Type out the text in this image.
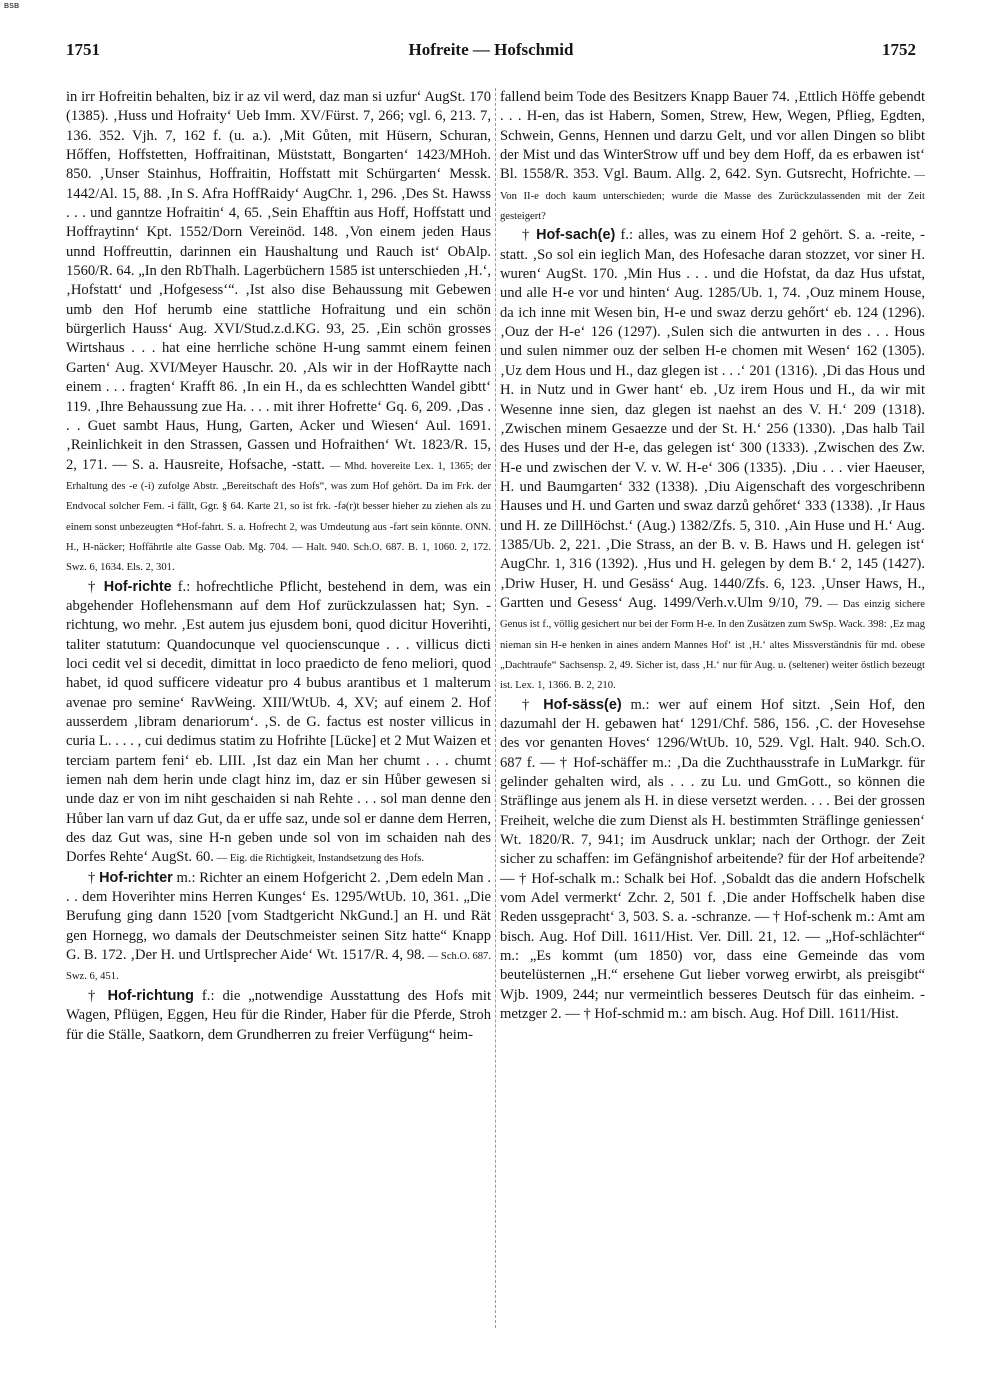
BSB
1751	Hofreite — Hofschmid	1752

in irr Hofreitin behalten, biz ir az vil werd, daz man si uzfur‘ AugSt. 170 (1385). ‚Huss und Hofraity‘ Ueb Imm. XV/Fürst. 7, 266; vgl. 6, 213. 7, 136. 352. Vjh. 7, 162 f. (u. a.). ‚Mit Gůten, mit Hüsern, Schuran, Hőffen, Hoffstetten, Hoffraitinan, Müststatt, Bongarten‘ 1423/MHoh. 850. ‚Unser Stainhus, Hoffraitin, Hoffstatt mit Schürgarten‘ Messk. 1442/Al. 15, 88. ‚In S. Afra HoffRaidy‘ AugChr. 1, 296. ‚Des St. Hawss . . . und ganntze Hofraitin‘ 4, 65. ‚Sein Ehafftin aus Hoff, Hoffstatt und Hoffraytinn‘ Kpt. 1552/Dorn Vereinöd. 148. ‚Von einem jeden Haus unnd Hoffreuttin, darinnen ein Haushaltung und Rauch ist‘ ObAlp. 1560/R. 64. „In den RbThalh. Lagerbüchern 1585 ist unterschieden ‚H.‘, ‚Hofstatt‘ und ‚Hofgesess‘“. ‚Ist also dise Behaussung mit Gebewen umb den Hof herumb eine stattliche Hofraitung und ein schön bürgerlich Hauss‘ Aug. XVI/Stud.z.d.KG. 93, 25. ‚Ein schön grosses Wirtshaus . . . hat eine herrliche schöne H-ung sammt einem feinen Garten‘ Aug. XVI/Meyer Hauschr. 20. ‚Als wir in der HofRaytte nach einem . . . fragten‘ Krafft 86. ‚In ein H., da es schlechtten Wandel gibtt‘ 119. ‚Ihre Behaussung zue Ha. . . . mit ihrer Hofrette‘ Gq. 6, 209. ‚Das . . . Guet sambt Haus, Hung, Garten, Acker und Wiesen‘ Aul. 1691. ‚Reinlichkeit in den Strassen, Gassen und Hofraithen‘ Wt. 1823/R. 15, 2, 171. — S. a. Hausreite, Hofsache, -statt. — Mhd. hovereite Lex. 1, 1365; der Erhaltung des -e (-i) zufolge Abstr. „Bereitschaft des Hofs“, was zum Hof gehört. Da im Frk. der Endvocal solcher Fem. -i fällt, Ggr. § 64. Karte 21, so ist frk. -fə(r)t besser hieher zu ziehen als zu einem sonst unbezeugten *Hof-fahrt. S. a. Hofrecht 2, was Umdeutung aus -fərt sein könnte. ONN. H., H-näcker; Hoffährtle alte Gasse Oab. Mg. 704. — Halt. 940. Sch.O. 687. B. 1, 1060. 2, 172. Swz. 6, 1634. Els. 2, 301.

† Hof-richte f.: hofrechtliche Pflicht, bestehend in dem, was ein abgehender Hoflehensmann auf dem Hof zurückzulassen hat; Syn. -richtung, wo mehr. ‚Est autem jus ejusdem boni, quod dicitur Hoverihti, taliter statutum: Quandocunque vel quocienscunque . . . villicus dicti loci cedit vel si decedit, dimittat in loco praedicto de feno meliori, quod habet, id quod sufficere videatur pro 4 bubus arantibus et 1 malterum avenae pro semine‘ RavWeing. XIII/WtUb. 4, XV; auf einem 2. Hof ausserdem ‚libram denariorum‘. ‚S. de G. factus est noster villicus in curia L. . . . , cui dedimus statim zu Hofrihte [Lücke] et 2 Mut Waizen et terciam partem feni‘ eb. LIII. ‚Ist daz ein Man her chumt . . . chumt iemen nah dem herin unde clagt hinz im, daz er sin Hůber gewesen si unde daz er von im niht geschaiden si nah Rehte . . . sol man denne den Hůber lan varn uf daz Gut, da er uffe saz, unde sol er danne dem Herren, des daz Gut was, sine H-n geben unde sol von im schaiden nah des Dorfes Rehte‘ AugSt. 60. — Eig. die Richtigkeit, Instandsetzung des Hofs.

† Hof-richter m.: Richter an einem Hofgericht 2. ‚Dem edeln Man . . . dem Hoverihter mins Herren Kunges‘ Es. 1295/WtUb. 10, 361. „Die Berufung ging dann 1520 [vom Stadtgericht NkGund.] an H. und Rät gen Hornegg, wo damals der Deutschmeister seinen Sitz hatte“ Knapp G. B. 172. ‚Der H. und Urtlsprecher Aide‘ Wt. 1517/R. 4, 98. — Sch.O. 687. Swz. 6, 451.

† Hof-richtung f.: die „notwendige Ausstattung des Hofs mit Wagen, Pflügen, Eggen, Heu für die Rinder, Haber für die Pferde, Stroh für die Ställe, Saatkorn, dem Grundherren zu freier Verfügung“ heim-

fallend beim Tode des Besitzers Knapp Bauer 74. ‚Ettlich Höffe gebendt . . . H-en, das ist Habern, Somen, Strew, Hew, Wegen, Pflieg, Egdten, Schwein, Genns, Hennen und darzu Gelt, und vor allen Dingen so blibt der Mist und das WinterStrow uff und bey dem Hoff, da es erbawen ist‘ Bl. 1558/R. 353. Vgl. Baum. Allg. 2, 642. Syn. Gutsrecht, Hofrichte. — Von II-e doch kaum unterschieden; wurde die Masse des Zurückzulassenden mit der Zeit gesteigert?

† Hof-sach(e) f.: alles, was zu einem Hof 2 gehört. S. a. -reite, -statt. ‚So sol ein ieglich Man, des Hofesache daran stozzet, vor siner H. wuren‘ AugSt. 170. ‚Min Hus . . . und die Hofstat, da daz Hus ufstat, und alle H-e vor und hinten‘ Aug. 1285/Ub. 1, 74. ‚Ouz minem House, da ich inne mit Wesen bin, H-e und swaz derzu gehőrt‘ eb. 124 (1296). ‚Ouz der H-e‘ 126 (1297). ‚Sulen sich die antwurten in des . . . Hous und sulen nimmer ouz der selben H-e chomen mit Wesen‘ 162 (1305). ‚Uz dem Hous und H., daz glegen ist . . .‘ 201 (1316). ‚Di das Hous und H. in Nutz und in Gwer hant‘ eb. ‚Uz irem Hous und H., da wir mit Wesenne inne sien, daz glegen ist naehst an des V. H.‘ 209 (1318). ‚Zwischen minem Gesaezze und der St. H.‘ 256 (1330). ‚Das halb Tail des Huses und der H-e, das gelegen ist‘ 300 (1333). ‚Zwischen des Zw. H-e und zwischen der V. v. W. H-e‘ 306 (1335). ‚Diu . . . vier Haeuser, H. und Baumgarten‘ 332 (1338). ‚Diu Aigenschaft des vorgeschribenn Hauses und H. und Garten und swaz darzů gehőret‘ 333 (1338). ‚Ir Haus und H. ze DillHöchst.‘ (Aug.) 1382/Zfs. 5, 310. ‚Ain Huse und H.‘ Aug. 1385/Ub. 2, 221. ‚Die Strass, an der B. v. B. Haws und H. gelegen ist‘ AugChr. 1, 316 (1392). ‚Hus und H. gelegen by dem B.‘ 2, 145 (1427). ‚Driw Huser, H. und Gesäss‘ Aug. 1440/Zfs. 6, 123. ‚Unser Haws, H., Gartten und Gesess‘ Aug. 1499/Verh.v.Ulm 9/10, 79. — Das einzig sichere Genus ist f., völlig gesichert nur bei der Form H-e. In den Zusätzen zum SwSp. Wack. 398: ‚Ez mag nieman sin H-e henken in aines andern Mannes Hof‘ ist ‚H.‘ altes Missverständnis für md. obese „Dachtraufe“ Sachsensp. 2, 49. Sicher ist, dass ‚H.‘ nur für Aug. u. (seltener) weiter östlich bezeugt ist. Lex. 1, 1366. B. 2, 210.

† Hof-säss(e) m.: wer auf einem Hof sitzt. ‚Sein Hof, den dazumahl der H. gebawen hat‘ 1291/Chf. 586, 156. ‚C. der Hovesehse des vor genanten Hoves‘ 1296/WtUb. 10, 529. Vgl. Halt. 940. Sch.O. 687 f. — † Hof-schäffer m.: ‚Da die Zuchthausstrafe in LuMarkgr. für gelinder gehalten wird, als . . . zu Lu. und GmGott., so können die Sträflinge aus jenem als H. in diese versetzt werden. . . . Bei der grossen Freiheit, welche die zum Dienst als H. bestimmten Sträflinge geniessen‘ Wt. 1820/R. 7, 941; im Ausdruck unklar; nach der Orthogr. der Zeit sicher zu schaffen: im Gefängnishof arbeitende? für der Hof arbeitende? — † Hof-schalk m.: Schalk bei Hof. ‚Sobaldt das die andern Hofschelk vom Adel vermerkt‘ Zchr. 2, 501 f. ‚Die ander Hoffschelk haben dise Reden ussgepracht‘ 3, 503. S. a. -schranze. — † Hof-schenk m.: Amt am bisch. Aug. Hof Dill. 1611/Hist. Ver. Dill. 21, 12. — „Hof-schlächter“ m.: „Es kommt (um 1850) vor, dass eine Gemeinde das vom beutelüsternen „H.“ ersehene Gut lieber vorweg erwirbt, als preisgibt“ Wjb. 1909, 244; nur vermeintlich besseres Deutsch für das einheim. -metzger 2. — † Hof-schmid m.: am bisch. Aug. Hof Dill. 1611/Hist.
